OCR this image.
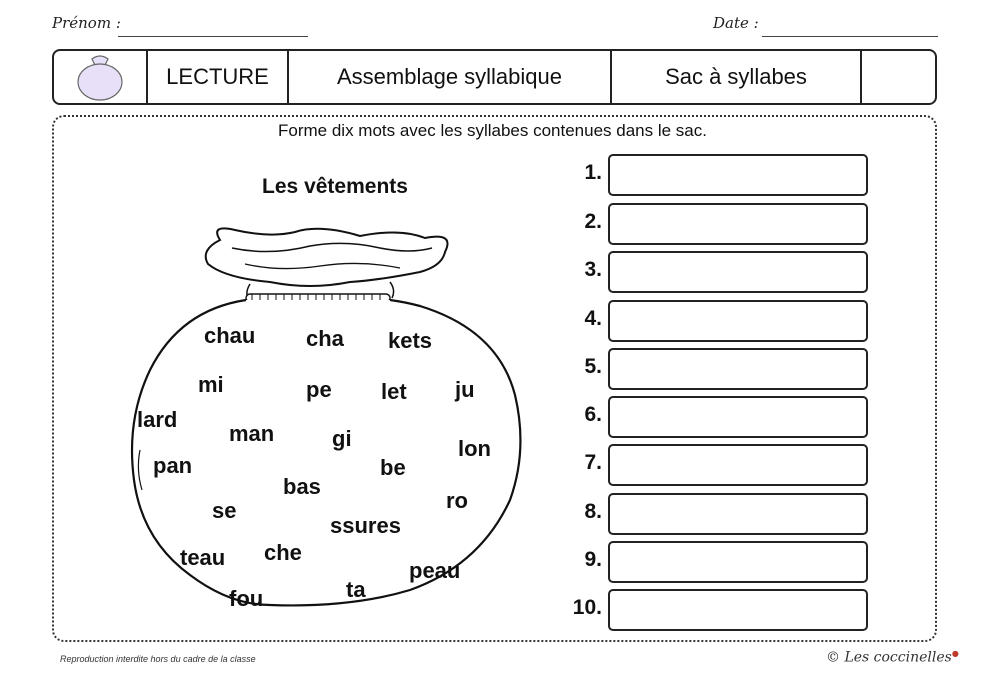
Prénom :	Date :
LECTURE	Assemblage syllabique	Sac à syllabes
Forme dix mots avec les syllabes contenues dans le sac.
Les vêtements
chau cha kets
mi	pe let ju
lard
man	gi	lon
pan	be
bas
ro
se
ssures
teau che
peau
ta
fou
1.
2.
3.
4.
5.
6.
7.
8.
9.
10.
Reproduction interdite hors du cadre de la classe	© Les coccinelles●
